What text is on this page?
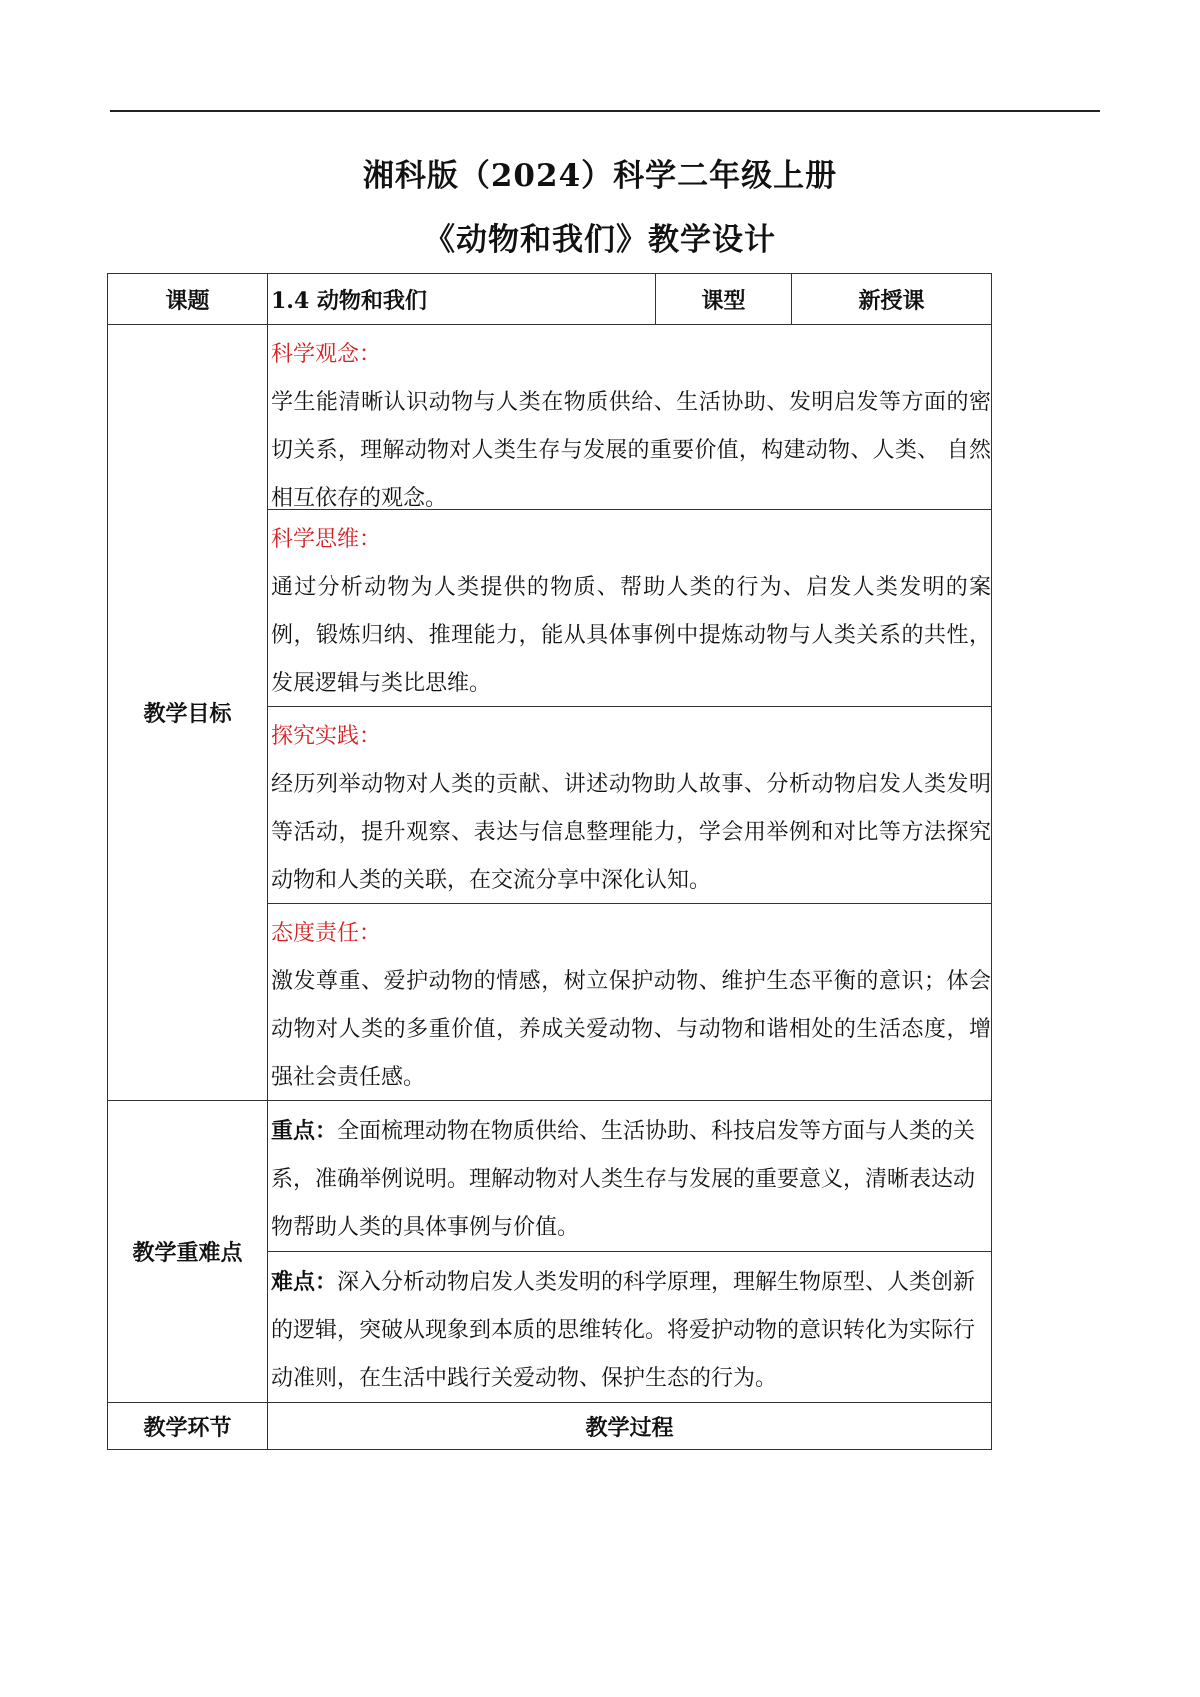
湘科版（2024）科学二年级上册
《动物和我们》教学设计
课题	1.4 动物和我们	课型	新授课
教学目标	科学观念：
学生能清晰认识动物与人类在物质供给、生活协助、发明启发等方面的密切关系，理解动物对人类生存与发展的重要价值，构建动物、人类、 自然相互依存的观念。		

	科学思维：
通过分析动物为人类提供的物质、帮助人类的行为、启发人类发明的案例，锻炼归纳、推理能力，能从具体事例中提炼动物与人类关系的共性，发展逻辑与类比思维。		

	探究实践：
经历列举动物对人类的贡献、讲述动物助人故事、分析动物启发人类发明等活动，提升观察、表达与信息整理能力，学会用举例和对比等方法探究动物和人类的关联，在交流分享中深化认知。		

	态度责任：
激发尊重、爱护动物的情感，树立保护动物、维护生态平衡的意识；体会动物对人类的多重价值，养成关爱动物、与动物和谐相处的生活态度，增强社会责任感。		

教学重难点	重点：全面梳理动物在物质供给、生活协助、科技启发等方面与人类的关系，准确举例说明。理解动物对人类生存与发展的重要意义，清晰表达动物帮助人类的具体事例与价值。		

	难点：深入分析动物启发人类发明的科学原理，理解生物原型、人类创新的逻辑，突破从现象到本质的思维转化。将爱护动物的意识转化为实际行动准则，在生活中践行关爱动物、保护生态的行为。		

教学环节	教学过程		
